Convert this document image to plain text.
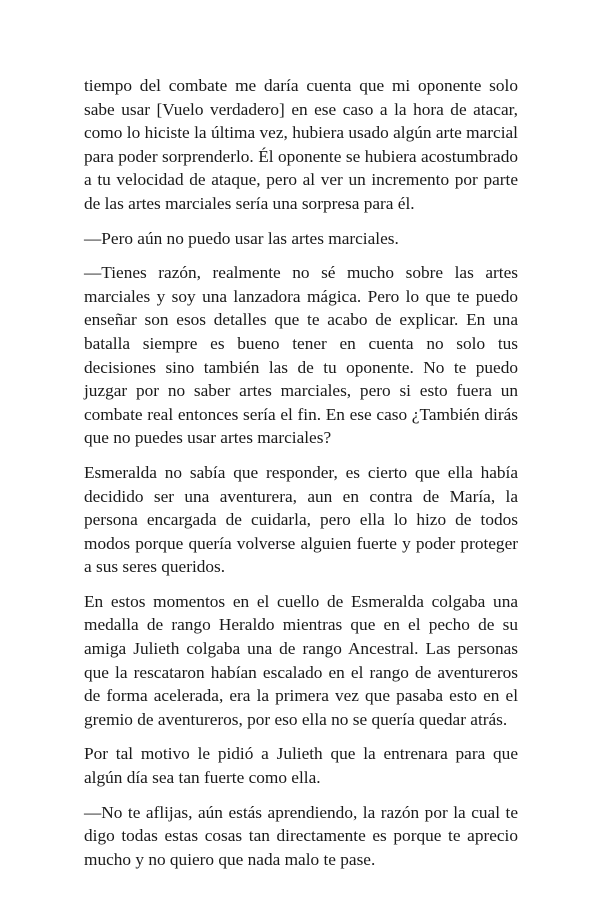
tiempo del combate me daría cuenta que mi oponente solo sabe usar [Vuelo verdadero] en ese caso a la hora de atacar, como lo hiciste la última vez, hubiera usado algún arte marcial para poder sorprenderlo. Él oponente se hubiera acostumbrado a tu velocidad de ataque, pero al ver un incremento por parte de las artes marciales sería una sorpresa para él.

—Pero aún no puedo usar las artes marciales.

—Tienes razón, realmente no sé mucho sobre las artes marciales y soy una lanzadora mágica. Pero lo que te puedo enseñar son esos detalles que te acabo de explicar. En una batalla siempre es bueno tener en cuenta no solo tus decisiones sino también las de tu oponente. No te puedo juzgar por no saber artes marciales, pero si esto fuera un combate real entonces sería el fin. En ese caso ¿También dirás que no puedes usar artes marciales?

Esmeralda no sabía que responder, es cierto que ella había decidido ser una aventurera, aun en contra de María, la persona encargada de cuidarla, pero ella lo hizo de todos modos porque quería volverse alguien fuerte y poder proteger a sus seres queridos.

En estos momentos en el cuello de Esmeralda colgaba una medalla de rango Heraldo mientras que en el pecho de su amiga Julieth colgaba una de rango Ancestral. Las personas que la rescataron habían escalado en el rango de aventureros de forma acelerada, era la primera vez que pasaba esto en el gremio de aventureros, por eso ella no se quería quedar atrás.

Por tal motivo le pidió a Julieth que la entrenara para que algún día sea tan fuerte como ella.

—No te aflijas, aún estás aprendiendo, la razón por la cual te digo todas estas cosas tan directamente es porque te aprecio mucho y no quiero que nada malo te pase.
